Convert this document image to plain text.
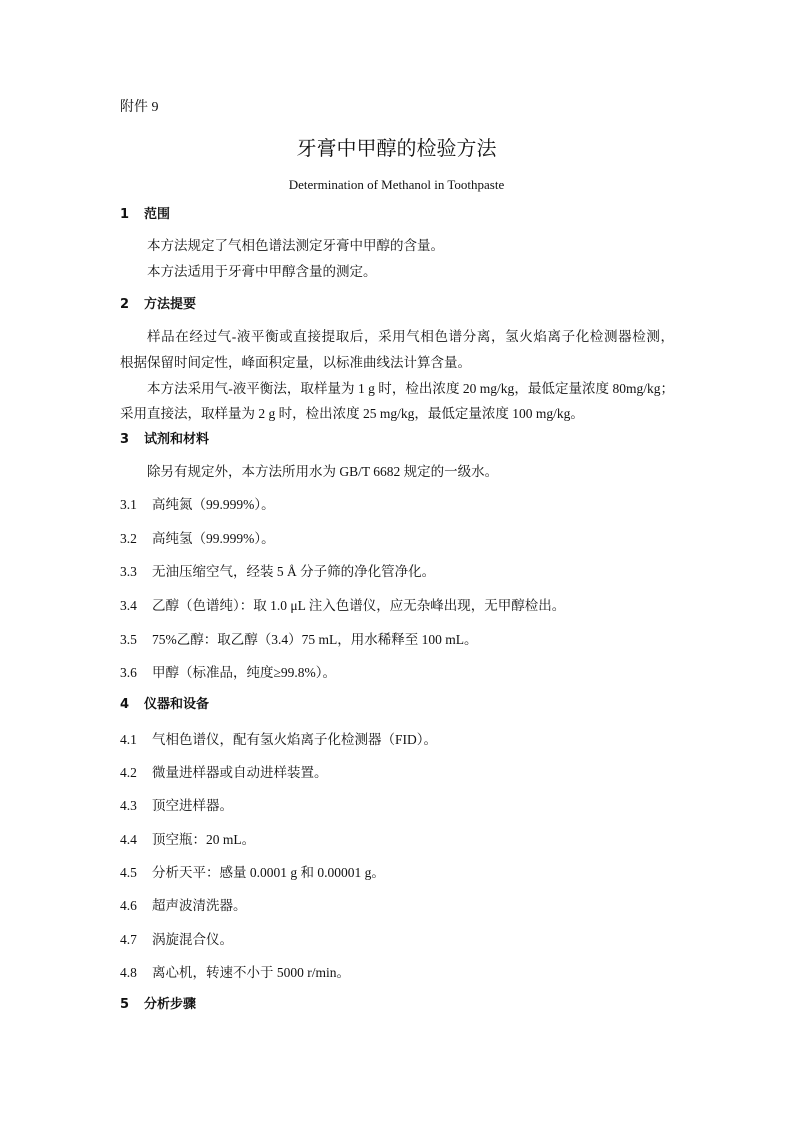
附件 9
牙膏中甲醇的检验方法
Determination of Methanol in Toothpaste
1 范围
本方法规定了气相色谱法测定牙膏中甲醇的含量。
本方法适用于牙膏中甲醇含量的测定。
2 方法提要
样品在经过气-液平衡或直接提取后，采用气相色谱分离，氢火焰离子化检测器检测，
根据保留时间定性，峰面积定量，以标准曲线法计算含量。
本方法采用气-液平衡法，取样量为 1 g 时，检出浓度 20 mg/kg，最低定量浓度 80mg/kg；
采用直接法，取样量为 2 g 时，检出浓度 25 mg/kg，最低定量浓度 100 mg/kg。
3 试剂和材料
除另有规定外，本方法所用水为 GB/T 6682 规定的一级水。
3.1 高纯氮（99.999%）。
3.2 高纯氢（99.999%）。
3.3 无油压缩空气，经装 5 Å 分子筛的净化管净化。
3.4 乙醇（色谱纯）：取 1.0 μL 注入色谱仪，应无杂峰出现，无甲醇检出。
3.5 75%乙醇：取乙醇（3.4）75 mL，用水稀释至 100 mL。
3.6 甲醇（标准品，纯度≥99.8%）。
4 仪器和设备
4.1 气相色谱仪，配有氢火焰离子化检测器（FID）。
4.2 微量进样器或自动进样装置。
4.3 顶空进样器。
4.4 顶空瓶：20 mL。
4.5 分析天平：感量 0.0001 g 和 0.00001 g。
4.6 超声波清洗器。
4.7 涡旋混合仪。
4.8 离心机，转速不小于 5000 r/min。
5 分析步骤
